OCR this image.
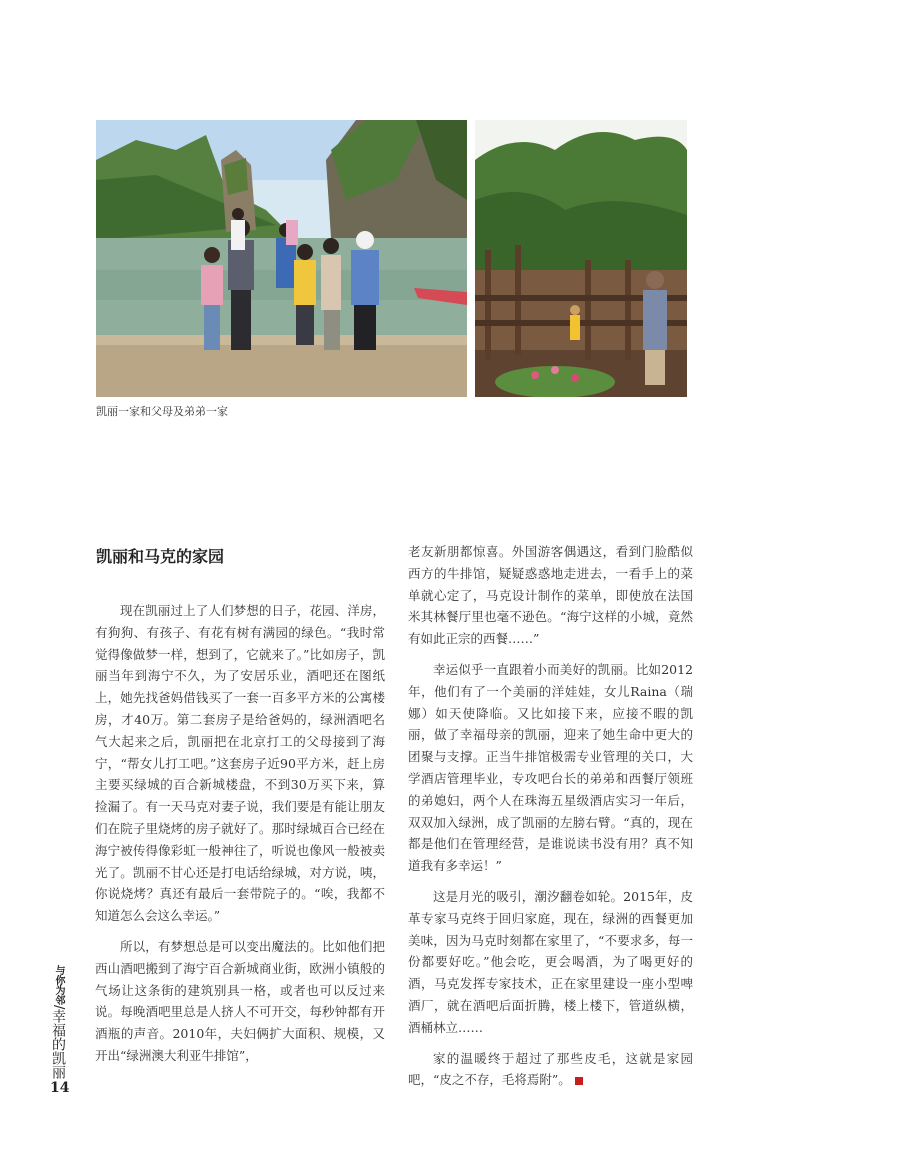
凯丽一家和父母及弟弟一家
凯丽和马克的家园

现在凯丽过上了人们梦想的日子，花园、洋房，有狗狗、有孩子、有花有树有满园的绿色。“我时常觉得像做梦一样，想到了，它就来了。”比如房子，凯丽当年到海宁不久，为了安居乐业，酒吧还在图纸上，她先找爸妈借钱买了一套一百多平方米的公寓楼房，才40万。第二套房子是给爸妈的，绿洲酒吧名气大起来之后，凯丽把在北京打工的父母接到了海宁，“帮女儿打工吧。”这套房子近90平方米，赶上房主要买绿城的百合新城楼盘，不到30万买下来，算捡漏了。有一天马克对妻子说，我们要是有能让朋友们在院子里烧烤的房子就好了。那时绿城百合已经在海宁被传得像彩虹一般神往了，听说也像风一般被卖光了。凯丽不甘心还是打电话给绿城，对方说，咦，你说烧烤？真还有最后一套带院子的。“唉，我都不知道怎么会这么幸运。”

所以，有梦想总是可以变出魔法的。比如他们把西山酒吧搬到了海宁百合新城商业街，欧洲小镇般的气场让这条街的建筑别具一格，或者也可以反过来说。每晚酒吧里总是人挤人不可开交，每秒钟都有开酒瓶的声音。2010年，夫妇俩扩大面积、规模，又开出“绿洲澳大利亚牛排馆”，

老友新朋都惊喜。外国游客偶遇这，看到门脸酷似西方的牛排馆，疑疑惑惑地走进去，一看手上的菜单就心定了，马克设计制作的菜单，即使放在法国米其林餐厅里也毫不逊色。“海宁这样的小城，竟然有如此正宗的西餐……”

幸运似乎一直跟着小而美好的凯丽。比如2012年，他们有了一个美丽的洋娃娃，女儿Raina（瑞娜）如天使降临。又比如接下来，应接不暇的凯丽，做了幸福母亲的凯丽，迎来了她生命中更大的团聚与支撑。正当牛排馆极需专业管理的关口，大学酒店管理毕业，专攻吧台长的弟弟和西餐厅领班的弟媳妇，两个人在珠海五星级酒店实习一年后，双双加入绿洲，成了凯丽的左膀右臂。“真的，现在都是他们在管理经营，是谁说读书没有用？真不知道我有多幸运！”

这是月光的吸引，潮汐翻卷如轮。2015年，皮革专家马克终于回归家庭，现在，绿洲的西餐更加美味，因为马克时刻都在家里了，“不要求多，每一份都要好吃。”他会吃，更会喝酒，为了喝更好的酒，马克发挥专家技术，正在家里建设一座小型啤酒厂，就在酒吧后面折腾，楼上楼下，管道纵横，酒桶林立……

家的温暖终于超过了那些皮毛，这就是家园吧，“皮之不存，毛将焉附”。

与你为邻/幸福的凯丽
14
